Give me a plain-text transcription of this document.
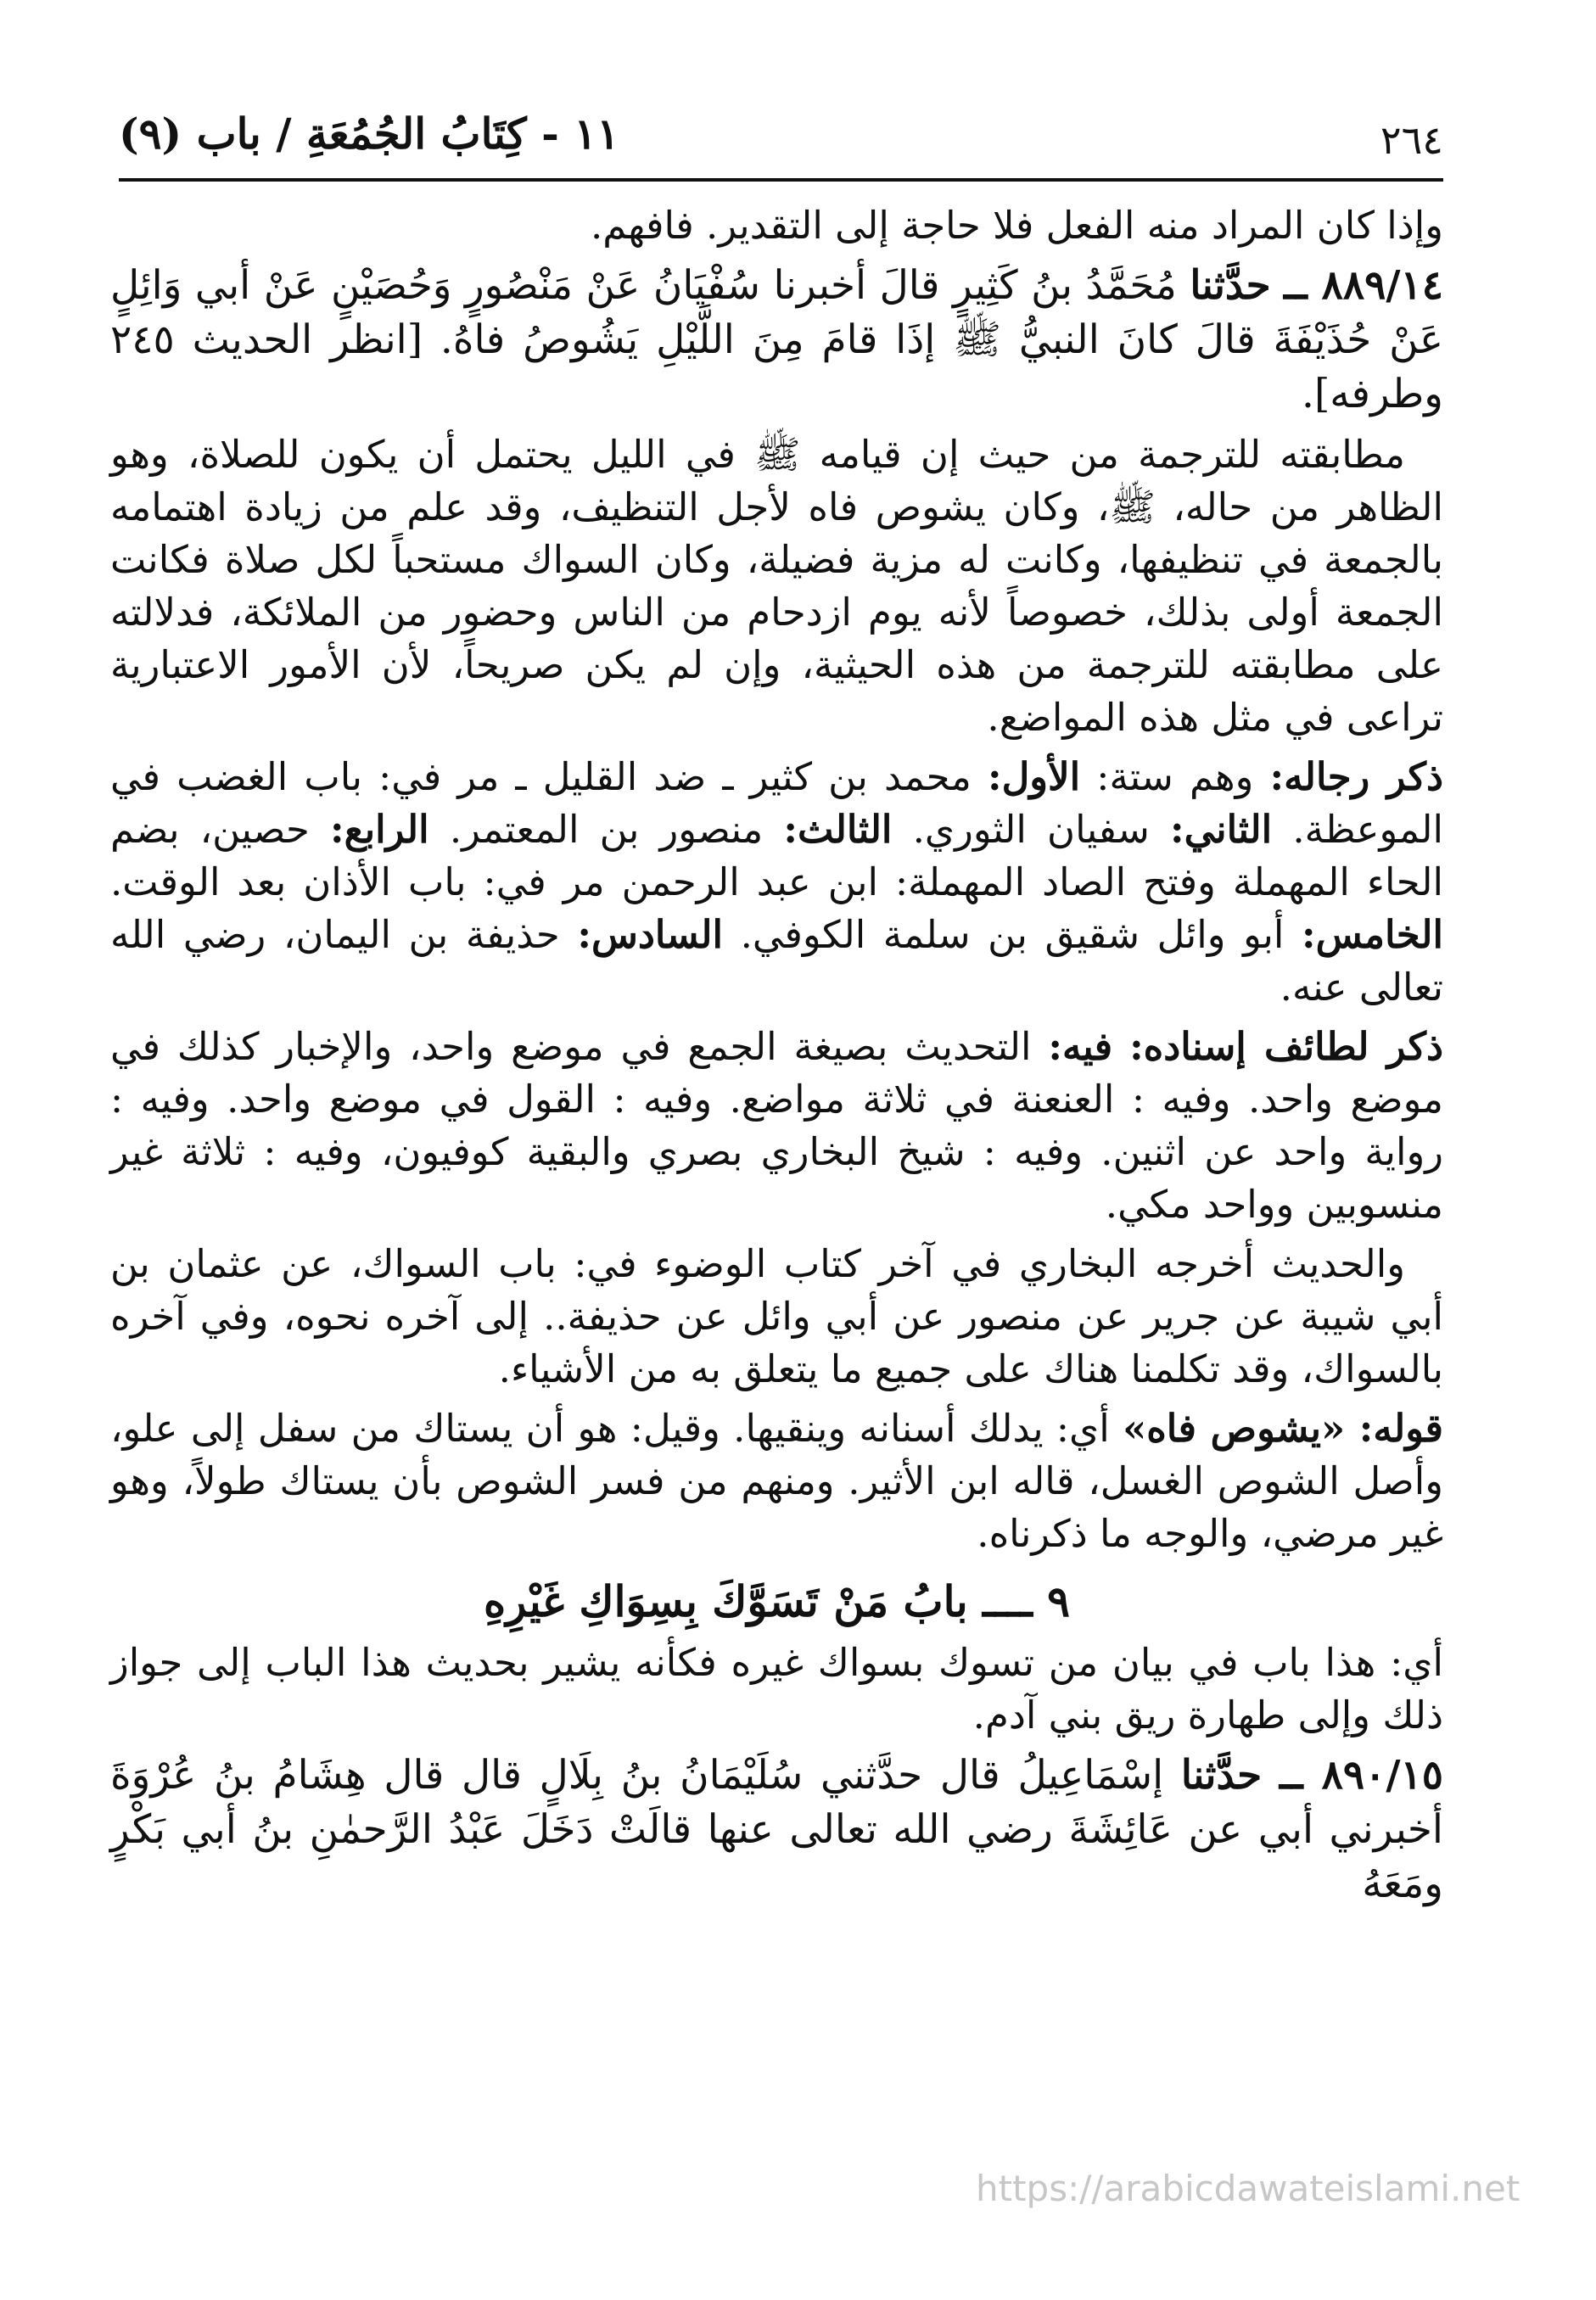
٢٦٤
١١ - كِتَابُ الجُمُعَةِ / باب (٩)

وإذا كان المراد منه الفعل فلا حاجة إلى التقدير. فافهم.

٨٨٩/١٤ ــ حدَّثنا مُحَمَّدُ بنُ كَثِيرٍ قالَ أخبرنا سُفْيَانُ عَنْ مَنْصُورٍ وَحُصَيْنٍ عَنْ أبي وَائِلٍ عَنْ حُذَيْفَةَ قالَ كانَ النبيُّ ﷺ إذَا قامَ مِنَ اللَّيْلِ يَشُوصُ فاهُ. [انظر الحديث ٢٤٥ وطرفه].

مطابقته للترجمة من حيث إن قيامه ﷺ في الليل يحتمل أن يكون للصلاة، وهو الظاهر من حاله، ﷺ، وكان يشوص فاه لأجل التنظيف، وقد علم من زيادة اهتمامه بالجمعة في تنظيفها، وكانت له مزية فضيلة، وكان السواك مستحباً لكل صلاة فكانت الجمعة أولى بذلك، خصوصاً لأنه يوم ازدحام من الناس وحضور من الملائكة، فدلالته على مطابقته للترجمة من هذه الحيثية، وإن لم يكن صريحاً، لأن الأمور الاعتبارية تراعى في مثل هذه المواضع.

ذكر رجاله: وهم ستة: الأول: محمد بن كثير ـ ضد القليل ـ مر في: باب الغضب في الموعظة. الثاني: سفيان الثوري. الثالث: منصور بن المعتمر. الرابع: حصين، بضم الحاء المهملة وفتح الصاد المهملة: ابن عبد الرحمن مر في: باب الأذان بعد الوقت. الخامس: أبو وائل شقيق بن سلمة الكوفي. السادس: حذيفة بن اليمان، رضي الله تعالى عنه.

ذكر لطائف إسناده: فيه: التحديث بصيغة الجمع في موضع واحد، والإخبار كذلك في موضع واحد. وفيه : العنعنة في ثلاثة مواضع. وفيه : القول في موضع واحد. وفيه : رواية واحد عن اثنين. وفيه : شيخ البخاري بصري والبقية كوفيون، وفيه : ثلاثة غير منسوبين وواحد مكي.

والحديث أخرجه البخاري في آخر كتاب الوضوء في: باب السواك، عن عثمان بن أبي شيبة عن جرير عن منصور عن أبي وائل عن حذيفة.. إلى آخره نحوه، وفي آخره بالسواك، وقد تكلمنا هناك على جميع ما يتعلق به من الأشياء.

قوله: «يشوص فاه» أي: يدلك أسنانه وينقيها. وقيل: هو أن يستاك من سفل إلى علو، وأصل الشوص الغسل، قاله ابن الأثير. ومنهم من فسر الشوص بأن يستاك طولاً، وهو غير مرضي، والوجه ما ذكرناه.

٩ ــــ بابُ مَنْ تَسَوَّكَ بِسِوَاكِ غَيْرِهِ

أي: هذا باب في بيان من تسوك بسواك غيره فكأنه يشير بحديث هذا الباب إلى جواز ذلك وإلى طهارة ريق بني آدم.

٨٩٠/١٥ ــ حدَّثنا إسْمَاعِيلُ قال حدَّثني سُلَيْمَانُ بنُ بِلَالٍ قال قال هِشَامُ بنُ عُرْوَةَ أخبرني أبي عن عَائِشَةَ رضي الله تعالى عنها قالَتْ دَخَلَ عَبْدُ الرَّحمٰنِ بنُ أبي بَكْرٍ ومَعَهُ

https://arabicdawateislami.net
